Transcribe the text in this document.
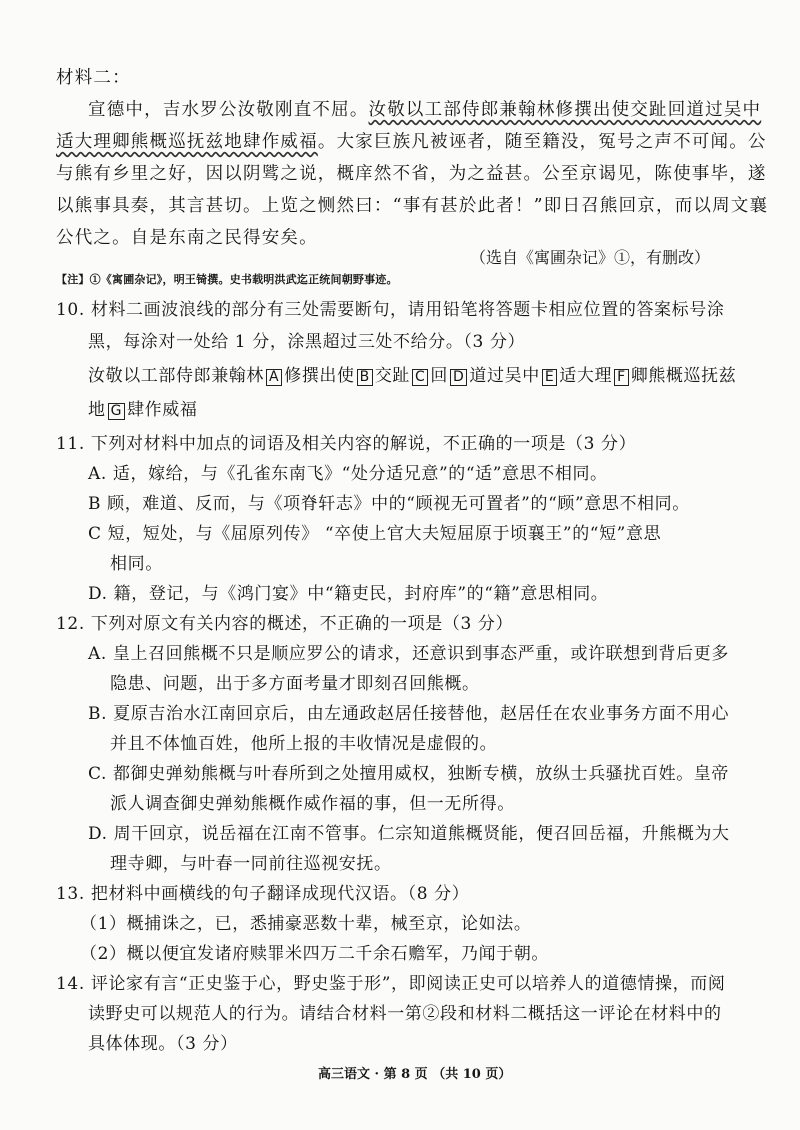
材料二：
宣德中，吉水罗公汝敬刚直不屈。汝敬以工部侍郎兼翰林修撰出使交趾回道过吴中
适大理卿熊概巡抚兹地肆作威福。大家巨族凡被诬者，随至籍没，冤号之声不可闻。公
与熊有乡里之好，因以阴骘之说，概庠然不省，为之益甚。公至京谒见，陈使事毕，遂
以熊事具奏，其言甚切。上览之恻然曰：“事有甚於此者！”即日召熊回京，而以周文襄
公代之。自是东南之民得安矣。
（选自《寓圃杂记》①，有删改）
【注】①《寓圃杂记》，明王锜撰。史书载明洪武迄正统间朝野事迹。
10. 材料二画波浪线的部分有三处需要断句，请用铅笔将答题卡相应位置的答案标号涂
黑，每涂对一处给 1 分，涂黑超过三处不给分。（3 分）
汝敬以工部侍郎兼翰林 A 修撰出使 B 交趾 C 回 D 道过吴中 E 适大理 F 卿熊概巡抚兹
地 G 肆作威福
11. 下列对材料中加点的词语及相关内容的解说，不正确的一项是（3 分）
A. 适，嫁给，与《孔雀东南飞》“处分适兄意”的“适”意思不相同。
B 顾，难道、反而，与《项脊轩志》中的“顾视无可置者”的“顾”意思不相同。
C 短，短处，与《屈原列传》 “卒使上官大夫短屈原于顷襄王”的“短”意思
相同。
D. 籍，登记，与《鸿门宴》中“籍吏民，封府库”的“籍”意思相同。
12. 下列对原文有关内容的概述，不正确的一项是（3 分）
A. 皇上召回熊概不只是顺应罗公的请求，还意识到事态严重，或许联想到背后更多
隐患、问题，出于多方面考量才即刻召回熊概。
B. 夏原吉治水江南回京后，由左通政赵居任接替他，赵居任在农业事务方面不用心
并且不体恤百姓，他所上报的丰收情况是虚假的。
C. 都御史弹劾熊概与叶春所到之处擅用威权，独断专横，放纵士兵骚扰百姓。皇帝
派人调查御史弹劾熊概作威作福的事，但一无所得。
D. 周干回京，说岳福在江南不管事。仁宗知道熊概贤能，便召回岳福，升熊概为大
理寺卿，与叶春一同前往巡视安抚。
13. 把材料中画横线的句子翻译成现代汉语。（8 分）
（1）概捕诛之，已，悉捕豪恶数十辈，械至京，论如法。
（2）概以便宜发诸府赎罪米四万二千余石赡军，乃闻于朝。
14. 评论家有言“正史鉴于心，野史鉴于形”，即阅读正史可以培养人的道德情操，而阅
读野史可以规范人的行为。请结合材料一第②段和材料二概括这一评论在材料中的
具体体现。（3 分）
高三语文 · 第 8 页 （共 10 页）
